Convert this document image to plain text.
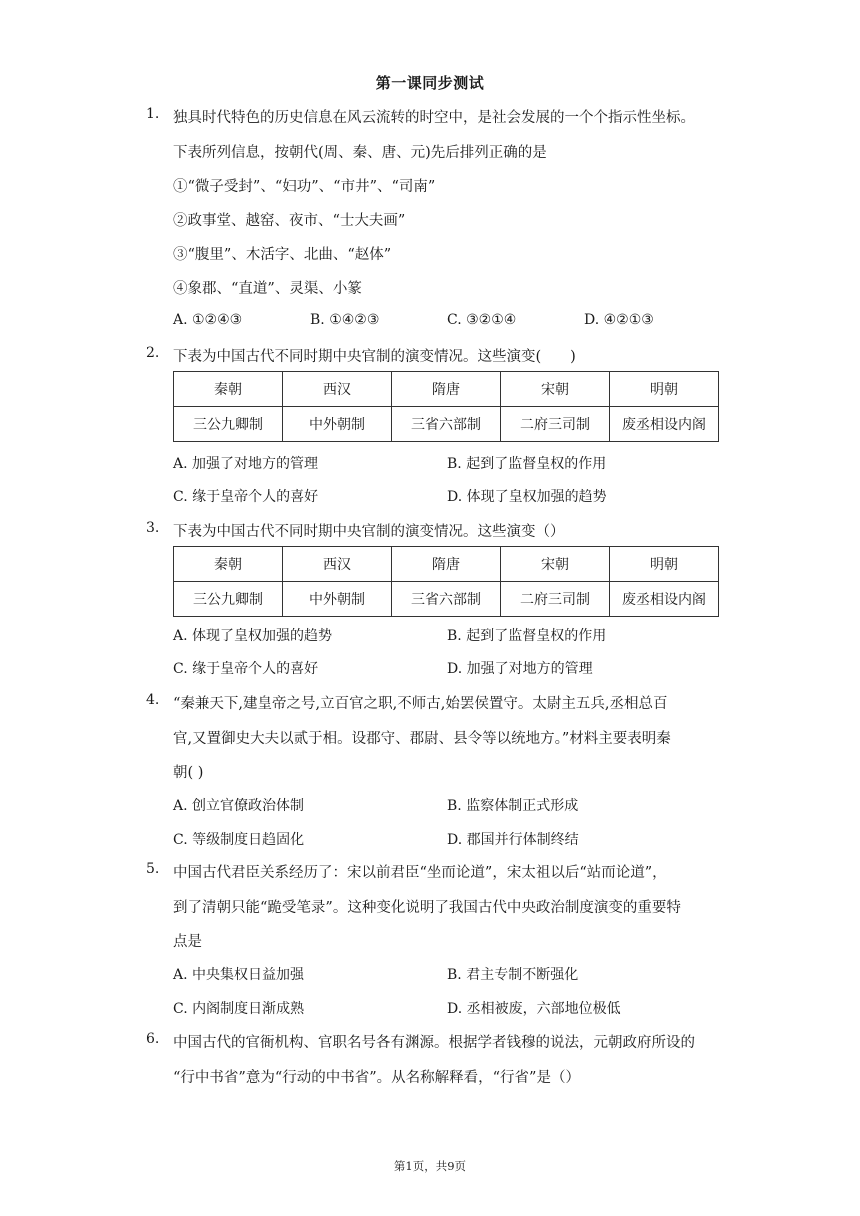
第一课同步测试
1. 独具时代特色的历史信息在风云流转的时空中，是社会发展的一个个指示性坐标。
下表所列信息，按朝代(周、秦、唐、元)先后排列正确的是
①“微子受封”、“妇功”、“市井”、“司南”
②政事堂、越窑、夜市、“士大夫画”
③“腹里”、木活字、北曲、“赵体”
④象郡、“直道”、灵渠、小篆
A. ①②④③	B. ①④②③	C. ③②①④	D. ④②①③
2. 下表为中国古代不同时期中央官制的演变情况。这些演变(　　)
秦朝	西汉	隋唐	宋朝	明朝
三公九卿制	中外朝制	三省六部制	二府三司制	废丞相设内阁
A. 加强了对地方的管理	B. 起到了监督皇权的作用
C. 缘于皇帝个人的喜好	D. 体现了皇权加强的趋势
3. 下表为中国古代不同时期中央官制的演变情况。这些演变（）
秦朝	西汉	隋唐	宋朝	明朝
三公九卿制	中外朝制	三省六部制	二府三司制	废丞相设内阁
A. 体现了皇权加强的趋势	B. 起到了监督皇权的作用
C. 缘于皇帝个人的喜好	D. 加强了对地方的管理
4. “秦兼天下,建皇帝之号,立百官之职,不师古,始罢侯置守。太尉主五兵,丞相总百
官,又置御史大夫以贰于相。设郡守、郡尉、县令等以统地方。”材料主要表明秦
朝( )
A. 创立官僚政治体制	B. 监察体制正式形成
C. 等级制度日趋固化	D. 郡国并行体制终结
5. 中国古代君臣关系经历了：宋以前君臣“坐而论道”，宋太祖以后“站而论道”，
到了清朝只能“跪受笔录”。这种变化说明了我国古代中央政治制度演变的重要特
点是
A. 中央集权日益加强	B. 君主专制不断强化
C. 内阁制度日渐成熟	D. 丞相被废，六部地位极低
6. 中国古代的官衙机构、官职名号各有渊源。根据学者钱穆的说法，元朝政府所设的
“行中书省”意为“行动的中书省”。从名称解释看，“行省”是（）
第1页，共9页
